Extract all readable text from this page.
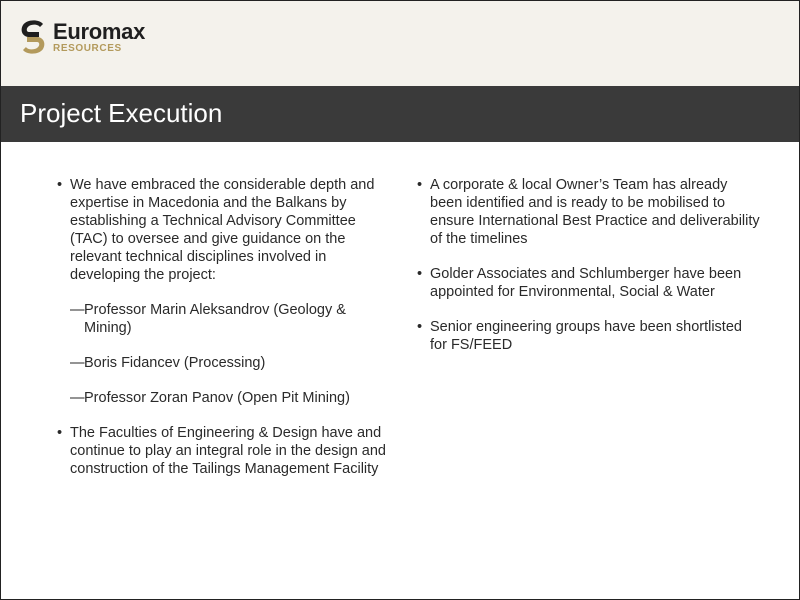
Euromax
RESOURCES
Project Execution
• We have embraced the considerable depth and expertise in Macedonia and the Balkans by establishing a Technical Advisory Committee (TAC) to oversee and give guidance on the relevant technical disciplines involved in developing the project:
— Professor Marin Aleksandrov (Geology & Mining)
— Boris Fidancev (Processing)
— Professor Zoran Panov (Open Pit Mining)
• The Faculties of Engineering & Design have and continue to play an integral role in the design and construction of the Tailings Management Facility
• A corporate & local Owner’s Team has already been identified and is ready to be mobilised to ensure International Best Practice and deliverability of the timelines
• Golder Associates and Schlumberger have been appointed for Environmental, Social & Water
• Senior engineering groups have been shortlisted for FS/FEED
